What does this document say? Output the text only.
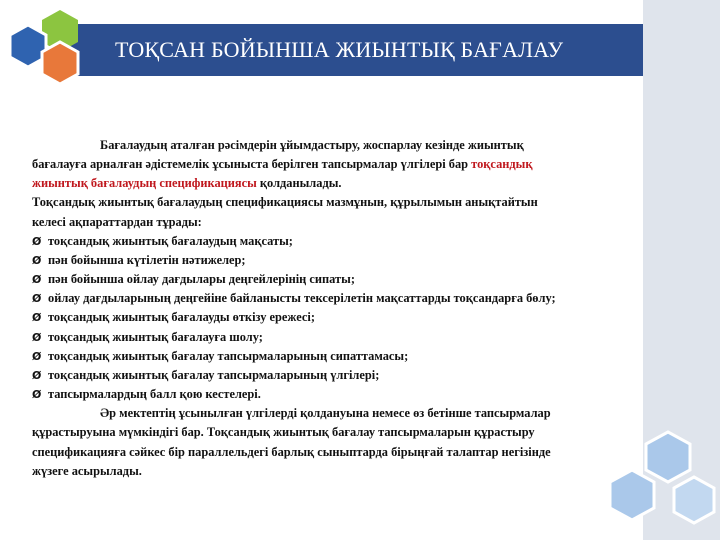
ТОҚСАН БОЙЫНША ЖИЫНТЫҚ БАҒАЛАУ

Бағалаудың аталған рәсімдерін ұйымдастыру, жоспарлау кезінде жиынтық
бағалауға арналған әдістемелік ұсыныста берілген тапсырмалар үлгілері бар тоқсандық
жиынтық бағалаудың спецификациясы қолданылады.

Тоқсандық жиынтық бағалаудың спецификациясы мазмұнын, құрылымын анықтайтын
келесі ақпараттардан тұрады:

Ø тоқсандық жиынтық бағалаудың мақсаты;
Ø пән бойынша күтілетін нәтижелер;
Ø пән бойынша ойлау дағдылары деңгейлерінің сипаты;
Ø ойлау дағдыларының деңгейіне байланысты тексерілетін мақсаттарды тоқсандарға бөлу;
Ø тоқсандық жиынтық бағалауды өткізу ережесі;
Ø тоқсандық жиынтық бағалауға шолу;
Ø тоқсандық жиынтық бағалау тапсырмаларының сипаттамасы;
Ø тоқсандық жиынтық бағалау тапсырмаларының үлгілері;
Ø тапсырмалардың балл қою кестелері.

Әр мектептің ұсынылған үлгілерді қолдануына немесе өз бетінше тапсырмалар
құрастыруына мүмкіндігі бар. Тоқсандық жиынтық бағалау тапсырмаларын құрастыру
спецификацияға сәйкес бір параллельдегі барлық сыныптарда бірыңғай талаптар негізінде
жүзеге асырылады.
